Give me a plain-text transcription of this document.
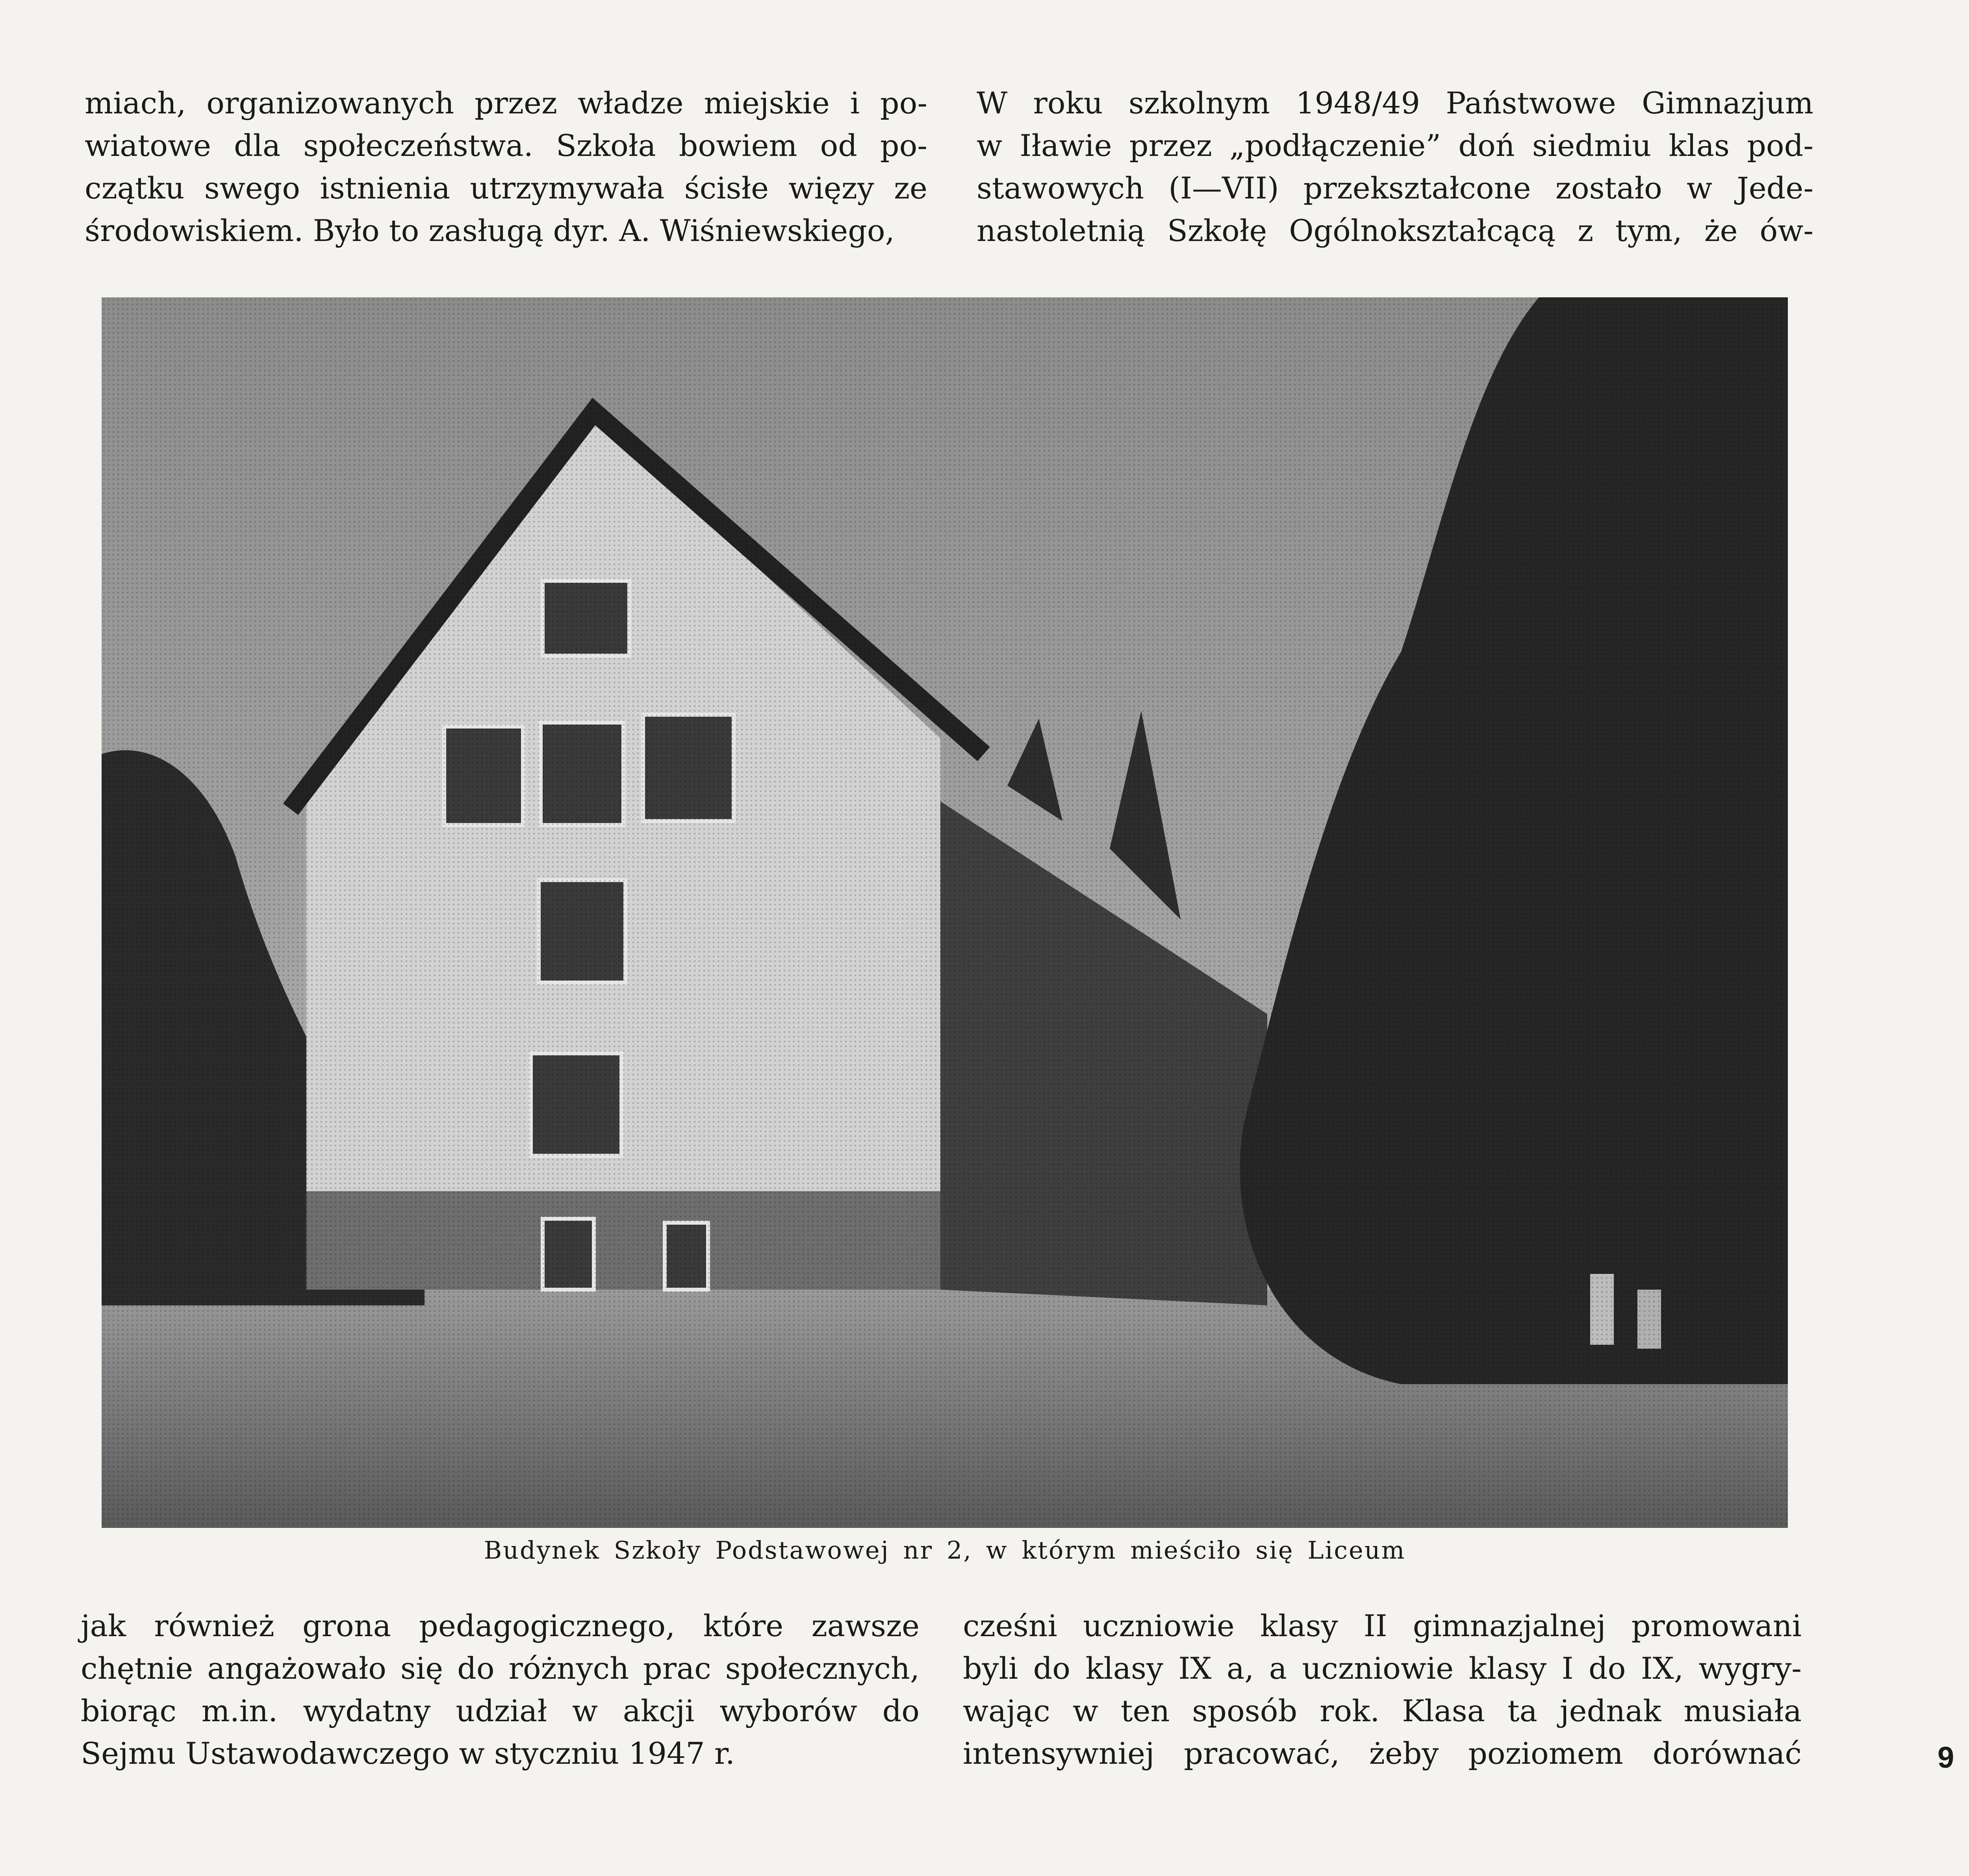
miach, organizowanych przez władze miejskie i po-
wiatowe dla społeczeństwa. Szkoła bowiem od po-
czątku swego istnienia utrzymywała ścisłe więzy ze
środowiskiem. Było to zasługą dyr. A. Wiśniewskiego,

W roku szkolnym 1948/49 Państwowe Gimnazjum
w Iławie przez „podłączenie” doń siedmiu klas pod-
stawowych (I—VII) przekształcone zostało w Jede-
nastoletnią Szkołę Ogólnokształcącą z tym, że ów-

Budynek Szkoły Podstawowej nr 2, w którym mieściło się Liceum

jak również grona pedagogicznego, które zawsze
chętnie angażowało się do różnych prac społecznych,
biorąc m.in. wydatny udział w akcji wyborów do
Sejmu Ustawodawczego w styczniu 1947 r.

cześni uczniowie klasy II gimnazjalnej promowani
byli do klasy IX a, a uczniowie klasy I do IX, wygry-
wając w ten sposób rok. Klasa ta jednak musiała
intensywniej pracować, żeby poziomem dorównać	9
